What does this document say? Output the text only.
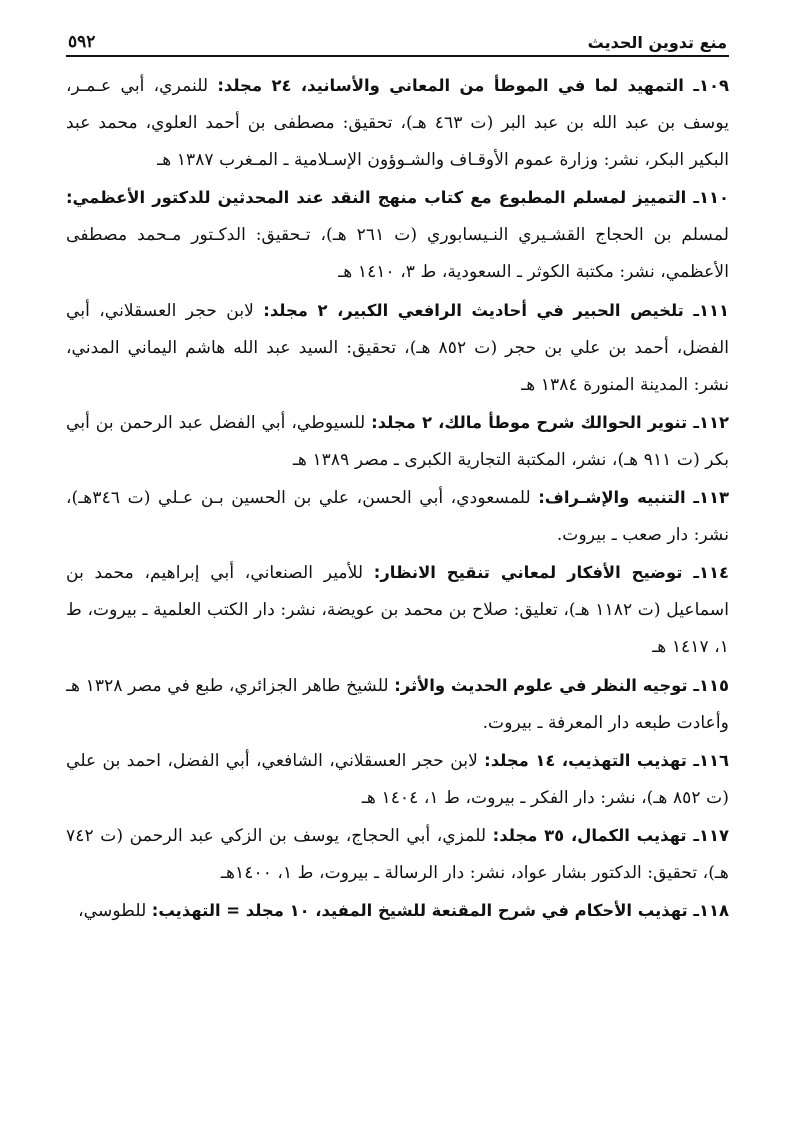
منع تدوين الحديث
٥٩٢

١٠٩ـ التمهيد لما في الموطأ من المعاني والأسانيد، ٢٤ مجلد: للنمري، أبي عـمـر، يوسف بن عبد الله بن عبد البر (ت ٤٦٣ هـ)، تحقيق: مصطفى بن أحمد العلوي، محمد عبد البكير البكر، نشر: وزارة عموم الأوقـاف والشـوؤون الإسـلامية ـ المـغرب ١٣٨٧ هـ

١١٠ـ التمييز لمسلم المطبوع مع كتاب منهج النقد عند المحدثين للدكتور الأعظمي: لمسلم بن الحجاج القشـيري النـيسابوري (ت ٢٦١ هـ)، تـحقيق: الدكـتور مـحمد مصطفى الأعظمي، نشر: مكتبة الكوثر ـ السعودية، ط ٣، ١٤١٠ هـ

١١١ـ تلخيص الحبير في أحاديث الرافعي الكبير، ٢ مجلد: لابن حجر العسقلاني، أبي الفضل، أحمد بن علي بن حجر (ت ٨٥٢ هـ)، تحقيق: السيد عبد الله هاشم اليماني المدني، نشر: المدينة المنورة ١٣٨٤ هـ

١١٢ـ تنوير الحوالك شرح موطأ مالك، ٢ مجلد: للسيوطي، أبي الفضل عبد الرحمن بن أبي بكر (ت ٩١١ هـ)، نشر، المكتبة التجارية الكبرى ـ مصر ١٣٨٩ هـ

١١٣ـ التنبيه والإشـراف: للمسعودي، أبي الحسن، علي بن الحسين بـن عـلي (ت ٣٤٦هـ)، نشر: دار صعب ـ بيروت.

١١٤ـ توضيح الأفكار لمعاني تنقيح الانظار: للأمير الصنعاني، أبي إبراهيم، محمد بن اسماعيل (ت ١١٨٢ هـ)، تعليق: صلاح بن محمد بن عويضة، نشر: دار الكتب العلمية ـ بيروت، ط ١، ١٤١٧ هـ

١١٥ـ توجيه النظر في علوم الحديث والأثر: للشيخ طاهر الجزائري، طبع في مصر ١٣٢٨ هـ وأعادت طبعه دار المعرفة ـ بيروت.

١١٦ـ تهذيب التهذيب، ١٤ مجلد: لابن حجر العسقلاني، الشافعي، أبي الفضل، احمد بن علي (ت ٨٥٢ هـ)، نشر: دار الفكر ـ بيروت، ط ١، ١٤٠٤ هـ

١١٧ـ تهذيب الكمال، ٣٥ مجلد: للمزي، أبي الحجاج، يوسف بن الزكي عبد الرحمن (ت ٧٤٢ هـ)، تحقيق: الدكتور بشار عواد، نشر: دار الرسالة ـ بيروت، ط ١، ١٤٠٠هـ

١١٨ـ تهذيب الأحكام في شرح المقنعة للشيخ المفيد، ١٠ مجلد = التهذيب: للطوسي،
